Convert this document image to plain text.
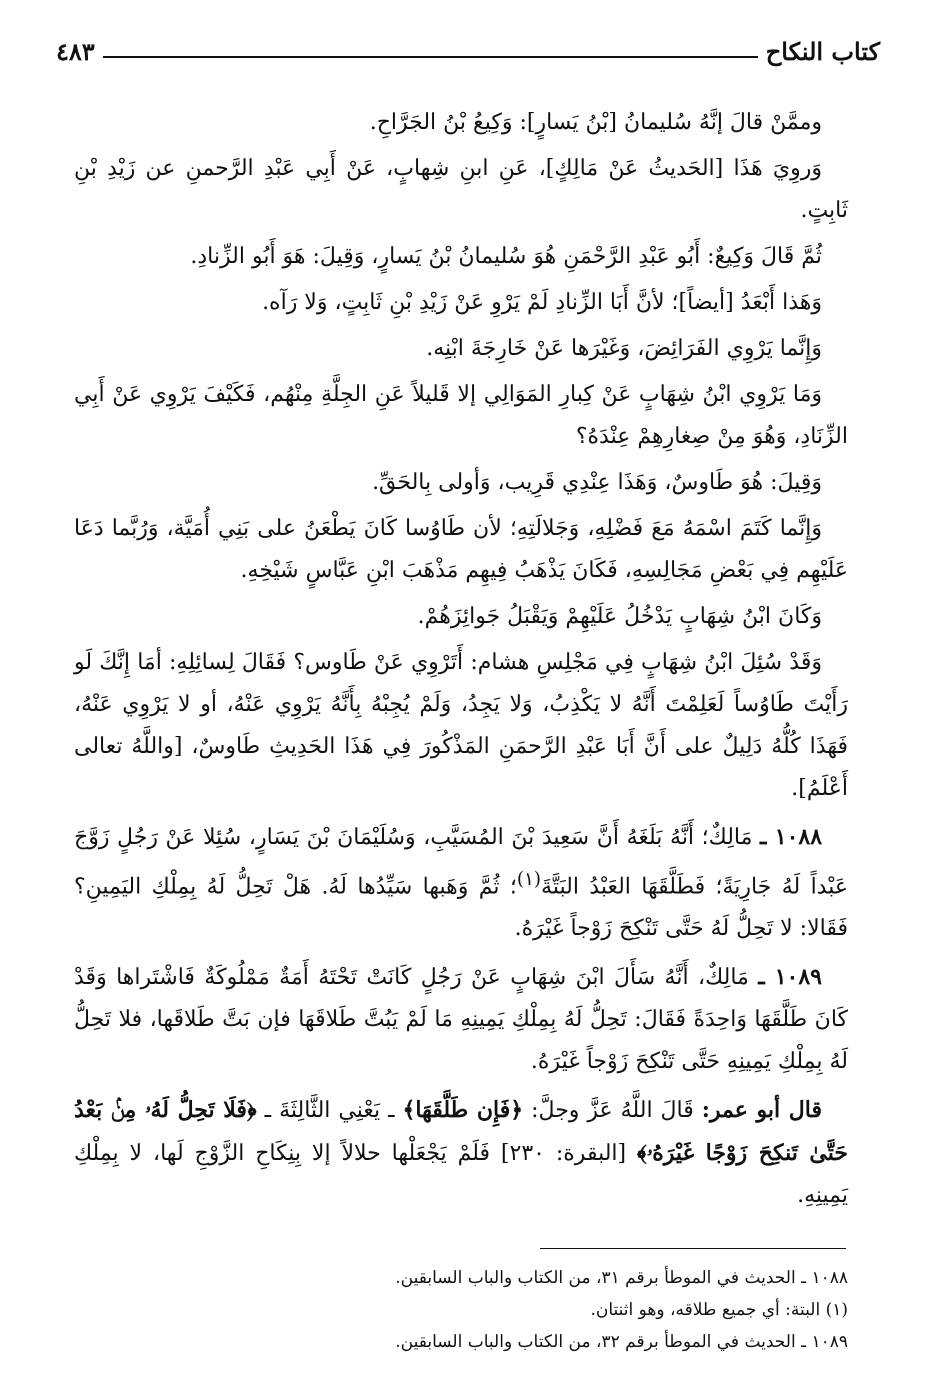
كتاب النكاح
٤٨٣

وممَّنْ قالَ إنَّهُ سُليمانُ [بْنُ يَسارٍ]: وَكِيعُ بْنُ الجَرَّاحِ.

وَروِيَ هَذَا [الحَديثُ عَنْ مَالِكٍ]، عَنِ ابنِ شِهابٍ، عَنْ أَبِي عَبْدِ الرَّحمنِ عن زَيْدِ بْنِ ثَابِتٍ.

ثُمَّ قَالَ وَكِيعٌ: أَبُو عَبْدِ الرَّحْمَنِ هُوَ سُليمانُ بْنُ يَسارٍ، وَقِيلَ: هَوَ أَبُو الزِّنادِ.

وَهَذا أَبْعَدُ [أيضاً]؛ لأنَّ أَبَا الزِّنادِ لَمْ يَرْوِ عَنْ زَيْدِ بْنِ ثَابِتٍ، وَلا رَآه.

وَإِنَّما يَرْوِي الفَرَائِضَ، وَغَيْرَها عَنْ خَارِجَةَ ابْنِه.

وَمَا يَرْوِي ابْنُ شِهَابٍ عَنْ كِبارِ المَوَالِي إلا قَليلاً عَنِ الجِلَّةِ مِنْهُم، فَكَيْفَ يَرْوِي عَنْ أَبِي الزِّنَادِ، وَهُوَ مِنْ صِغارِهِمْ عِنْدَهُ؟

وَقِيلَ: هُوَ طَاوسٌ، وَهَذَا عِنْدِي قَرِيب، وَأولى بِالحَقِّ.

وَإِنَّما كَتَمَ اسْمَهُ مَعَ فَضْلِهِ، وَجَلالَتِهِ؛ لأن طَاوُسا كَانَ يَطْعَنُ على بَنِي أُمَيَّة، وَرُبَّما دَعَا عَلَيْهِم فِي بَعْضِ مَجَالِسِهِ، فَكَانَ يَذْهَبُ فِيهِم مَذْهَبَ ابْنِ عَبَّاسٍ شَيْخِهِ.

وَكَانَ ابْنُ شِهَابٍ يَدْخُلُ عَلَيْهِمْ وَيَقْبَلُ جَوائِزَهُمْ.

وَقَدْ سُئِلَ ابْنُ شِهَابٍ فِي مَجْلِسِ هشام: أَتَرْوِي عَنْ طَاوس؟ فَقَالَ لِسائِلِهِ: أمَا إِنَّكَ لَو رَأَيْتَ طَاوُساً لَعَلِمْتَ أَنَّهُ لا يَكْذِبُ، وَلا يَجِدُ، وَلَمْ يُجِبْهُ بِأَنَّهُ يَرْوِي عَنْهُ، أو لا يَرْوِي عَنْهُ، فَهَذَا كُلُّهُ دَلِيلٌ على أَنَّ أَبَا عَبْدِ الرَّحمَنِ المَذْكُورَ فِي هَذَا الحَدِيثِ طَاوسٌ، [واللَّهُ تعالى أَعْلَمُ].

١٠٨٨ ـ مَالِكٌ؛ أَنَّهُ بَلَغَهُ أَنَّ سَعِيدَ بْنَ المُسَيَّبِ، وَسُلَيْمَانَ بْنَ يَسَارٍ، سُئِلا عَنْ رَجُلٍ زَوَّجَ عَبْداً لَهُ جَارِيَةً؛ فَطَلَّقَهَا العَبْدُ البَتَّةَ$^{(١)}$؛ ثُمَّ وَهَبها سَيِّدُها لَهُ. هَلْ تَحِلُّ لَهُ بِمِلْكِ اليَمِينِ؟ فَقَالا: لا تَحِلُّ لَهُ حَتَّى تَنْكِحَ زَوْجاً غَيْرَهُ.

١٠٨٩ ـ مَالِكٌ، أَنَّهُ سَأَلَ ابْنَ شِهَابٍ عَنْ رَجُلٍ كَانَتْ تَحْتَهُ أَمَةٌ مَمْلُوكَةٌ فَاشْتَراها وَقَدْ كَانَ طَلَّقَهَا وَاحِدَةً فَقَالَ: تَحِلُّ لَهُ بِمِلْكِ يَمِينِهِ مَا لَمْ يَبُتَّ طَلاقَهَا فإن بَتَّ طَلاقَها، فلا تَحِلُّ لَهُ بِمِلْكِ يَمِينِهِ حَتَّى تَنْكِحَ زَوْجاً غَيْرَهُ.

قال أبو عمر: قَالَ اللَّهُ عَزَّ وجلَّ: ﴿فَإِن طَلَّقَهَا﴾ ـ يَعْنِي الثَّالِثَةَ ـ ﴿فَلَا تَحِلُّ لَهُۥ مِنۢ بَعْدُ حَتَّىٰ تَنكِحَ زَوْجًا غَيْرَهُۥ﴾ [البقرة: ٢٣٠] فَلَمْ يَجْعَلْها حلالاً إلا بِنِكَاحِ الزَّوْجِ لَها، لا بِمِلْكِ يَمِينِهِ.

١٠٨٨ ـ الحديث في الموطأ برقم ٣١، من الكتاب والباب السابقين.

(١) البتة: أي جميع طلاقه، وهو اثنتان.

١٠٨٩ ـ الحديث في الموطأ برقم ٣٢، من الكتاب والباب السابقين.
